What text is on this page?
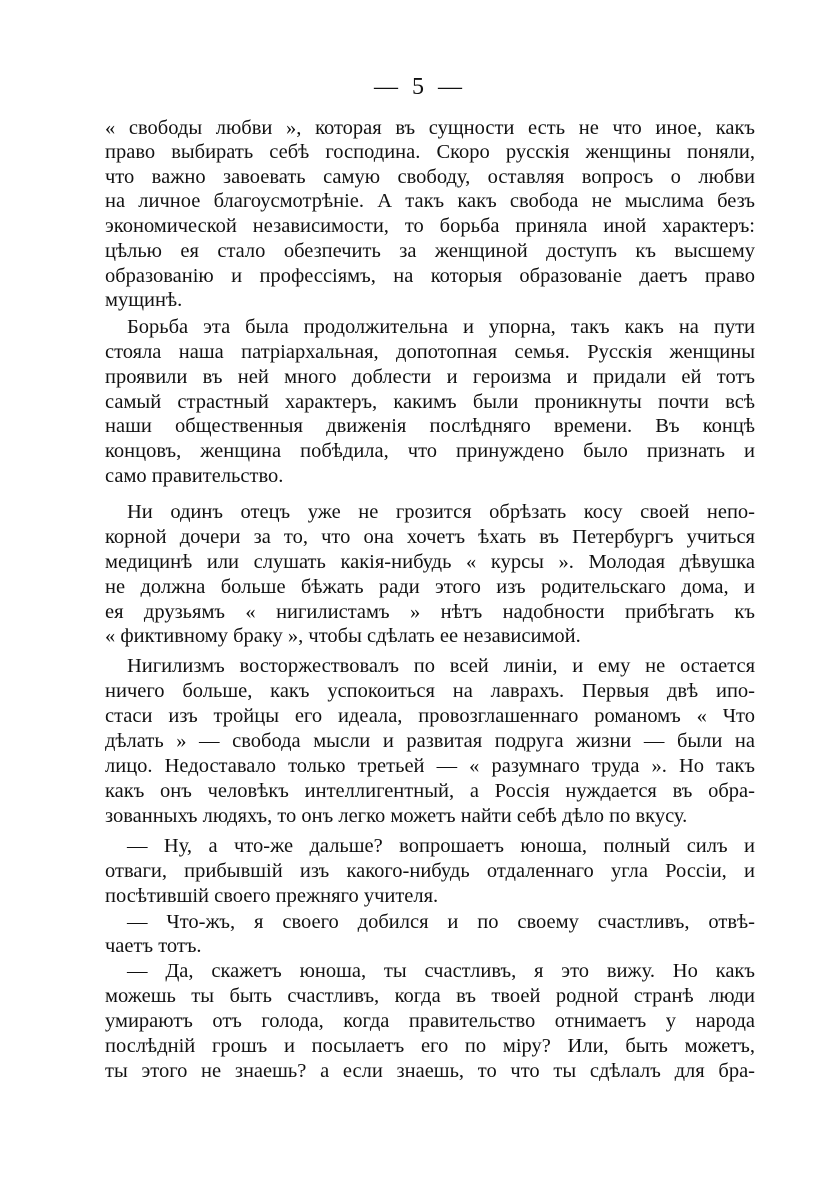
— 5 —
« свободы любви », которая въ сущности есть не что иное, какъ
право выбирать себѣ господина. Скоро русскія женщины поняли,
что важно завоевать самую свободу, оставляя вопросъ о любви
на личное благоусмотрѣніе. А такъ какъ свобода не мыслима безъ
экономической независимости, то борьба приняла иной характеръ:
цѣлью ея стало обезпечить за женщиной доступъ къ высшему
образованію и профессіямъ, на которыя образованіе даетъ право
мущинѣ.
Борьба эта была продолжительна и упорна, такъ какъ на пути
стояла наша патріархальная, допотопная семья. Русскія женщины
проявили въ ней много доблести и героизма и придали ей тотъ
самый страстный характеръ, какимъ были проникнуты почти всѣ
наши общественныя движенія послѣдняго времени. Въ концѣ
концовъ, женщина побѣдила, что принуждено было признать и
само правительство.
Ни одинъ отецъ уже не грозится обрѣзать косу своей непо-
корной дочери за то, что она хочетъ ѣхать въ Петербургъ учиться
медицинѣ или слушать какія-нибудь « курсы ». Молодая дѣвушка
не должна больше бѣжать ради этого изъ родительскаго дома, и
ея друзьямъ « нигилистамъ » нѣтъ надобности прибѣгать къ
« фиктивному браку », чтобы сдѣлать ее независимой.
Нигилизмъ восторжествовалъ по всей линіи, и ему не остается
ничего больше, какъ успокоиться на лаврахъ. Первыя двѣ ипо-
стаси изъ тройцы его идеала, провозглашеннаго романомъ « Что
дѣлать » — свобода мысли и развитая подруга жизни — были на
лицо. Недоставало только третьей — « разумнаго труда ». Но такъ
какъ онъ человѣкъ интеллигентный, а Россія нуждается въ обра-
зованныхъ людяхъ, то онъ легко можетъ найти себѣ дѣло по вкусу.
— Ну, а что-же дальше? вопрошаетъ юноша, полный силъ и
отваги, прибывшій изъ какого-нибудь отдаленнаго угла Россіи, и
посѣтившій своего прежняго учителя.
— Что-жъ, я своего добился и по своему счастливъ, отвѣ-
чаетъ тотъ.
— Да, скажетъ юноша, ты счастливъ, я это вижу. Но какъ
можешь ты быть счастливъ, когда въ твоей родной странѣ люди
умираютъ отъ голода, когда правительство отнимаетъ у народа
послѣдній грошъ и посылаетъ его по міру? Или, быть можетъ,
ты этого не знаешь? а если знаешь, то что ты сдѣлалъ для бра-
